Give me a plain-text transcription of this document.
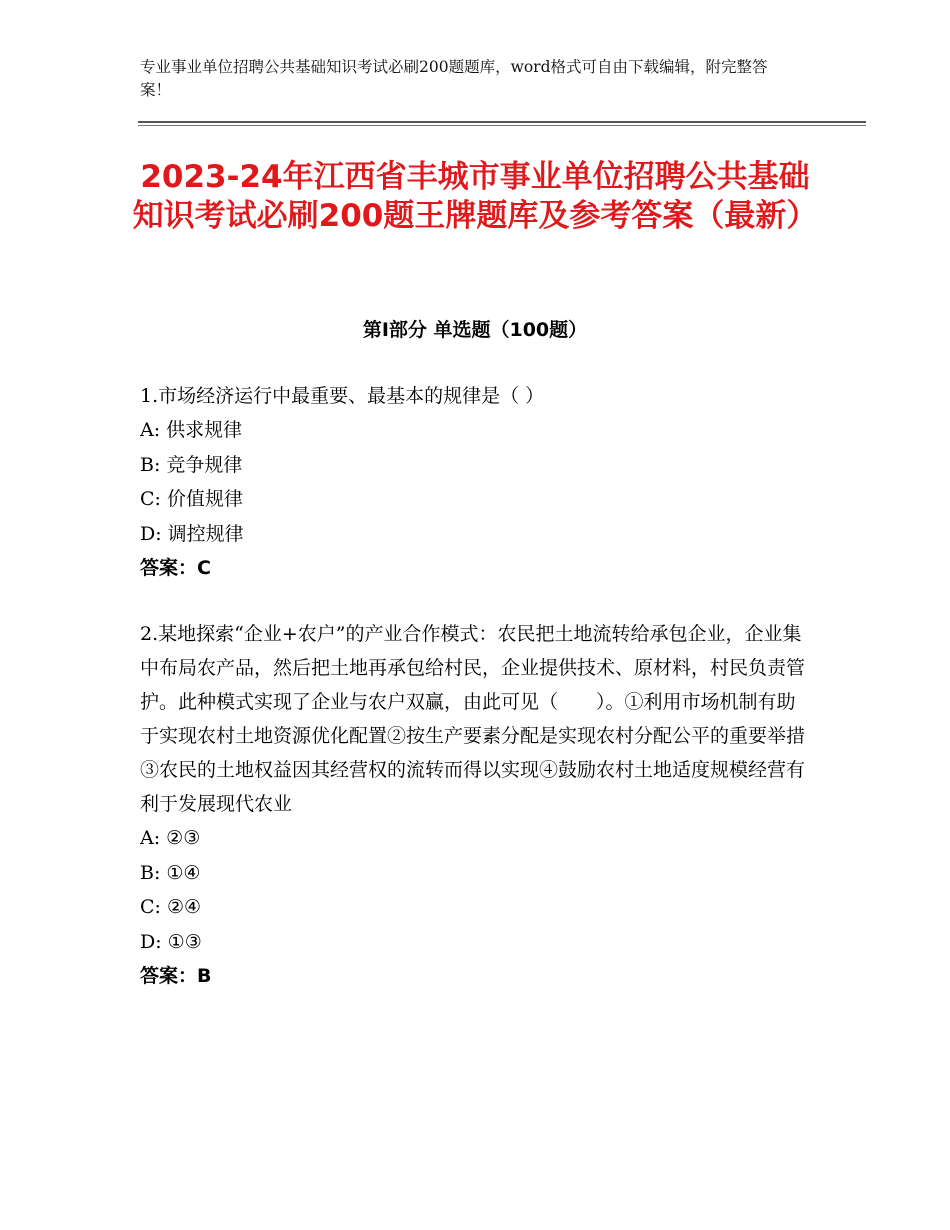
专业事业单位招聘公共基础知识考试必刷200题题库，word格式可自由下载编辑，附完整答案！
2023-24年江西省丰城市事业单位招聘公共基础知识考试必刷200题王牌题库及参考答案（最新）
第Ⅰ部分 单选题（100题）

1.市场经济运行中最重要、最基本的规律是（ ）

A: 供求规律

B: 竞争规律

C: 价值规律

D: 调控规律

答案：C

2.某地探索“企业+农户”的产业合作模式：农民把土地流转给承包企业，企业集中布局农产品，然后把土地再承包给村民，企业提供技术、原材料，村民负责管护。此种模式实现了企业与农户双赢，由此可见（　　）。①利用市场机制有助于实现农村土地资源优化配置②按生产要素分配是实现农村分配公平的重要举措③农民的土地权益因其经营权的流转而得以实现④鼓励农村土地适度规模经营有利于发展现代农业

A: ②③

B: ①④

C: ②④

D: ①③

答案：B
